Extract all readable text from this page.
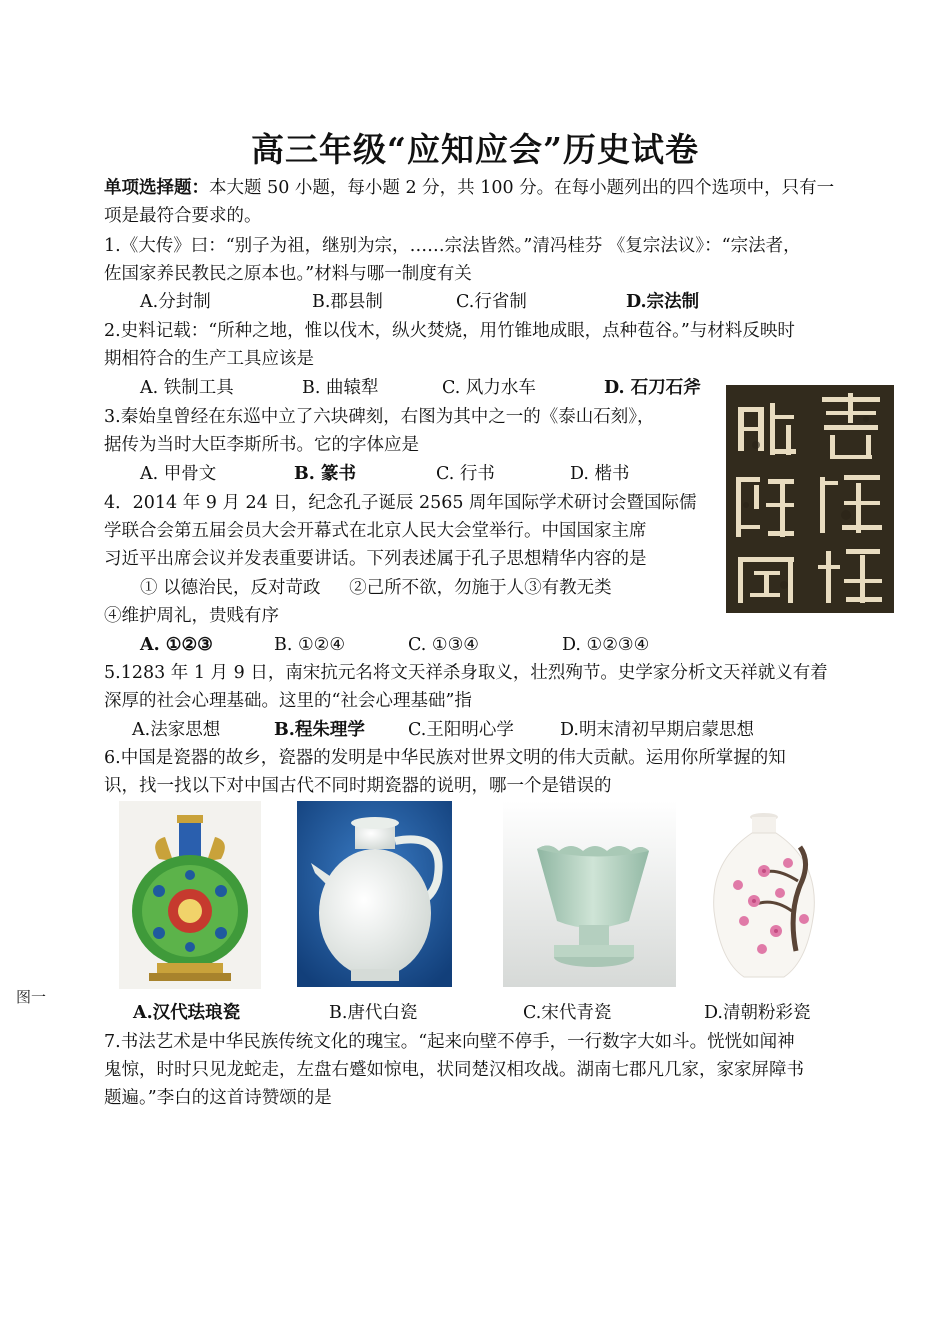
高三年级“应知应会”历史试卷
单项选择题：本大题 50 小题，每小题 2 分，共 100 分。在每小题列出的四个选项中，只有一
项是最符合要求的。
1.《大传》曰：“别子为祖，继别为宗，……宗法皆然。”清冯桂芬 《复宗法议》：“宗法者，
佐国家养民教民之原本也。”材料与哪一制度有关
A.分封制	B.郡县制	C.行省制	D.宗法制
2.史料记载：“所种之地，惟以伐木，纵火焚烧，用竹锥地成眼，点种苞谷。”与材料反映时
期相符合的生产工具应该是
A. 铁制工具	B. 曲辕犁	C. 风力水车	D. 石刀石斧
3.秦始皇曾经在东巡中立了六块碑刻，右图为其中之一的《泰山石刻》，
据传为当时大臣李斯所书。它的字体应是
A. 甲骨文	B. 篆书	C. 行书	D. 楷书
4．2014 年 9 月 24 日，纪念孔子诞辰 2565 周年国际学术研讨会暨国际儒
学联合会第五届会员大会开幕式在北京人民大会堂举行。中国国家主席
习近平出席会议并发表重要讲话。下列表述属于孔子思想精华内容的是
① 以德治民，反对苛政 　 ②己所不欲，勿施于人③有教无类
④维护周礼，贵贱有序
A. ①②③	B. ①②④	C. ①③④	D. ①②③④
5.1283 年 1 月 9 日，南宋抗元名将文天祥杀身取义，壮烈殉节。史学家分析文天祥就义有着
深厚的社会心理基础。这里的“社会心理基础”指
A.法家思想	B.程朱理学 C.王阳明心学	D.明末清初早期启蒙思想
6.中国是瓷器的故乡，瓷器的发明是中华民族对世界文明的伟大贡献。运用你所掌握的知
识，找一找以下对中国古代不同时期瓷器的说明，哪一个是错误的
图一
A.汉代珐琅瓷	B.唐代白瓷	C.宋代青瓷	D.清朝粉彩瓷
7.书法艺术是中华民族传统文化的瑰宝。“起来向壁不停手，一行数字大如斗。恍恍如闻神
鬼惊，时时只见龙蛇走，左盘右蹙如惊电，状同楚汉相攻战。湖南七郡凡几家，家家屏障书
题遍。”李白的这首诗赞颂的是
